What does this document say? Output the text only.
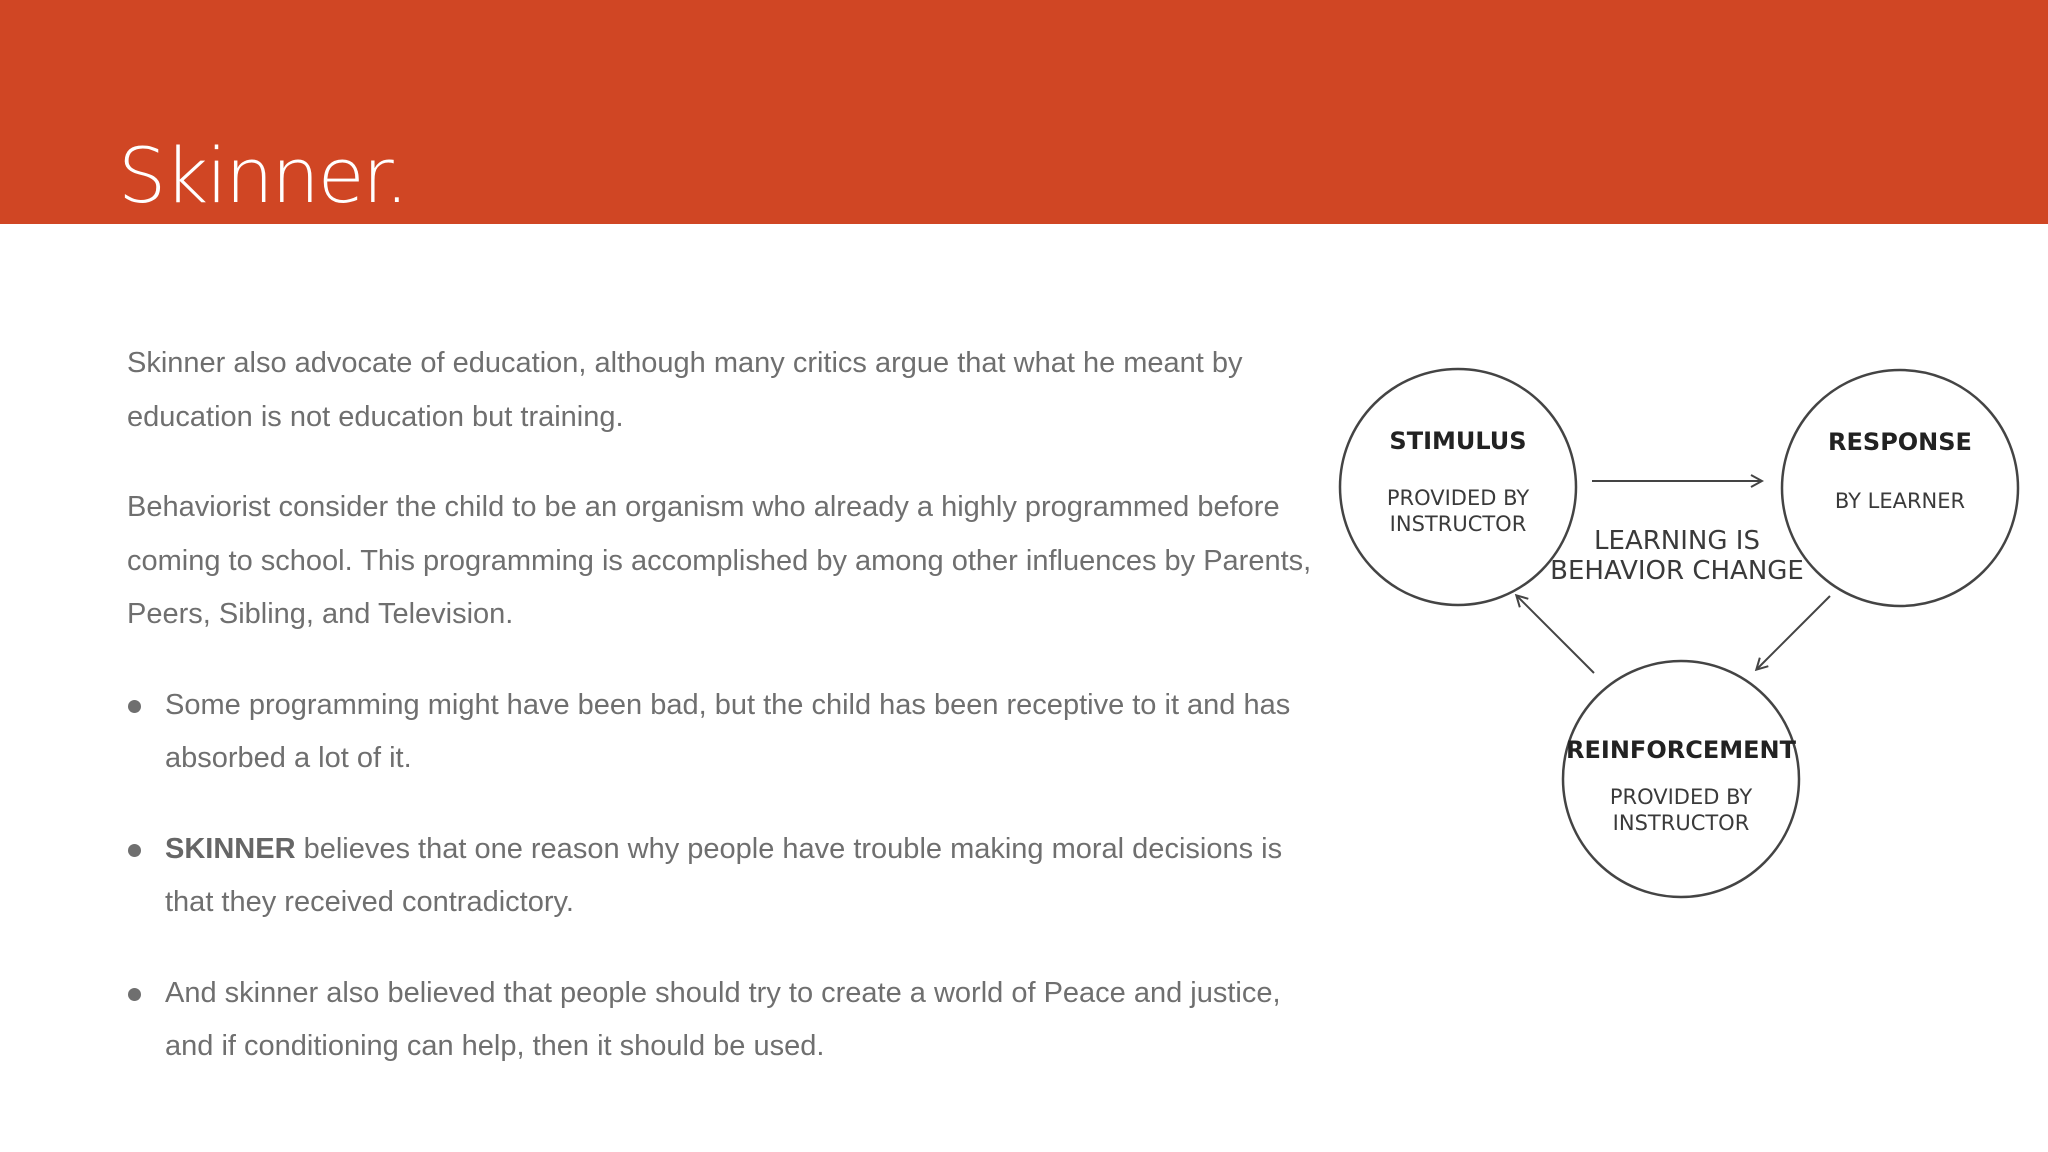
Skinner.

Skinner also advocate of education, although many critics argue that what he meant by education is not education but training.

Behaviorist consider the child to be an organism who already a highly programmed before coming to school. This programming is accomplished by among other influences by Parents, Peers, Sibling, and Television.

Some programming might have been bad, but the child has been receptive to it and has absorbed a lot of it.
SKINNER believes that one reason why people have trouble making moral decisions is that they received contradictory.
And skinner also believed that people should try to create a world of Peace and justice, and if conditioning can help, then it should be used.
STIMULUS
PROVIDED BY
INSTRUCTOR
RESPONSE
BY LEARNER
REINFORCEMENT
PROVIDED BY
INSTRUCTOR
LEARNING IS
BEHAVIOR CHANGE
